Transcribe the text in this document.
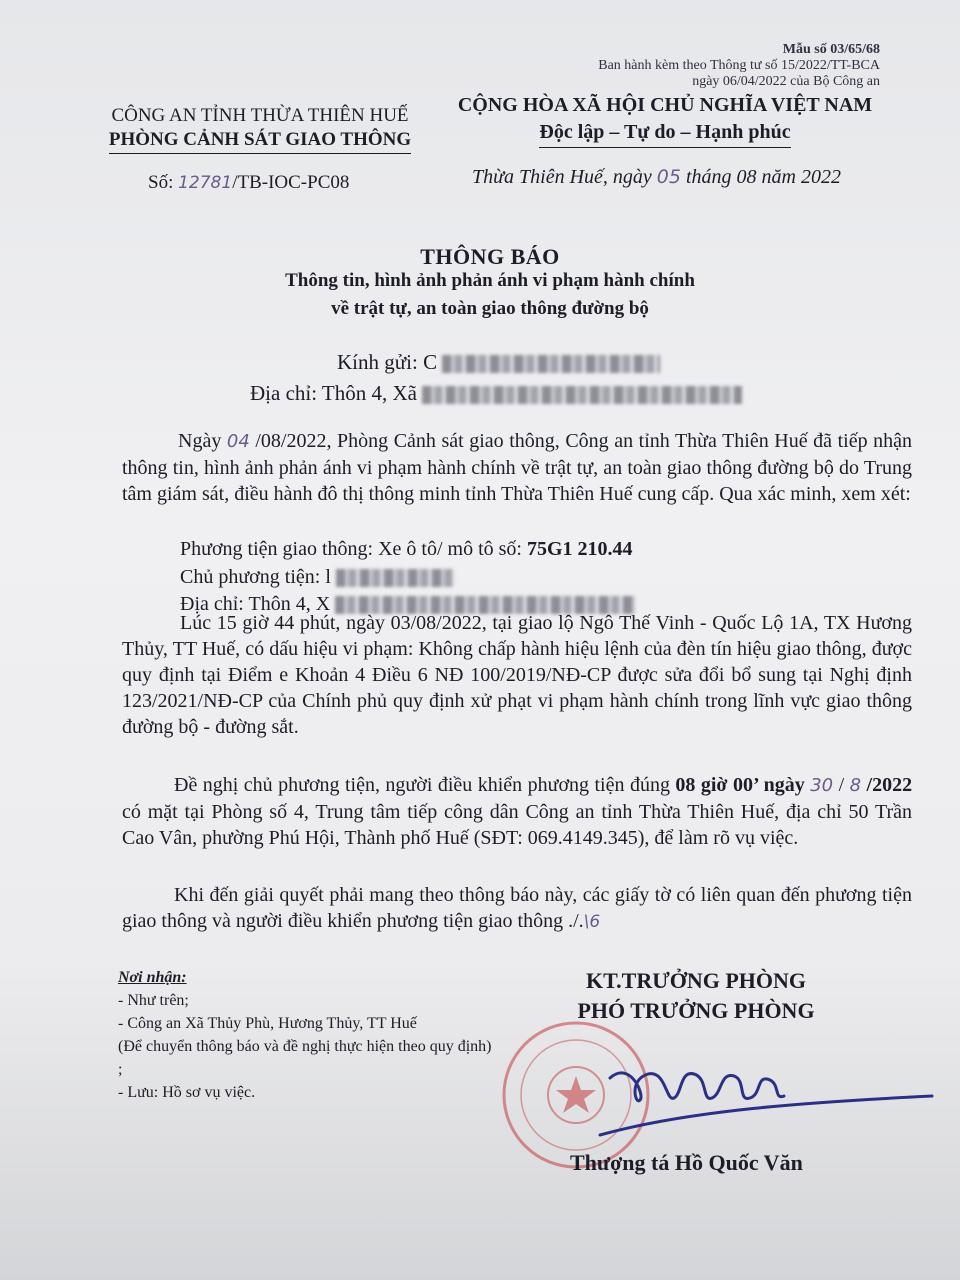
Mẫu số 03/65/68
Ban hành kèm theo Thông tư số 15/2022/TT-BCA
ngày 06/04/2022 của Bộ Công an
CÔNG AN TỈNH THỪA THIÊN HUẾ
PHÒNG CẢNH SÁT GIAO THÔNG
CỘNG HÒA XÃ HỘI CHỦ NGHĨA VIỆT NAM
Độc lập – Tự do – Hạnh phúc
Số: 12781/TB-IOC-PC08	Thừa Thiên Huế, ngày 05 tháng 08 năm 2022
THÔNG BÁO
Thông tin, hình ảnh phản ánh vi phạm hành chính
về trật tự, an toàn giao thông đường bộ
Kính gửi: C
Địa chỉ: Thôn 4, Xã
Ngày 04 /08/2022, Phòng Cảnh sát giao thông, Công an tỉnh Thừa Thiên Huế đã tiếp nhận thông tin, hình ảnh phản ánh vi phạm hành chính về trật tự, an toàn giao thông đường bộ do Trung tâm giám sát, điều hành đô thị thông minh tỉnh Thừa Thiên Huế cung cấp. Qua xác minh, xem xét:
Phương tiện giao thông: Xe ô tô/ mô tô số: 75G1 210.44
Chủ phương tiện: l
Địa chỉ: Thôn 4, X
Lúc 15 giờ 44 phút, ngày 03/08/2022, tại giao lộ Ngô Thế Vinh - Quốc Lộ 1A, TX Hương Thủy, TT Huế, có dấu hiệu vi phạm: Không chấp hành hiệu lệnh của đèn tín hiệu giao thông, được quy định tại Điểm e Khoản 4 Điều 6 NĐ 100/2019/NĐ-CP được sửa đổi bổ sung tại Nghị định 123/2021/NĐ-CP của Chính phủ quy định xử phạt vi phạm hành chính trong lĩnh vực giao thông đường bộ - đường sắt.
Đề nghị chủ phương tiện, người điều khiển phương tiện đúng 08 giờ 00’ ngày 30 / 8 /2022 có mặt tại Phòng số 4, Trung tâm tiếp công dân Công an tỉnh Thừa Thiên Huế, địa chỉ 50 Trần Cao Vân, phường Phú Hội, Thành phố Huế (SĐT: 069.4149.345), để làm rõ vụ việc.
Khi đến giải quyết phải mang theo thông báo này, các giấy tờ có liên quan đến phương tiện giao thông và người điều khiển phương tiện giao thông ./.\6
Nơi nhận:
- Như trên;
- Công an Xã Thủy Phù, Hương Thủy, TT Huế
(Để chuyển thông báo và đề nghị thực hiện theo quy định) ;
- Lưu: Hồ sơ vụ việc.
KT.TRƯỞNG PHÒNG
PHÓ TRƯỞNG PHÒNG
Thượng tá Hồ Quốc Văn
